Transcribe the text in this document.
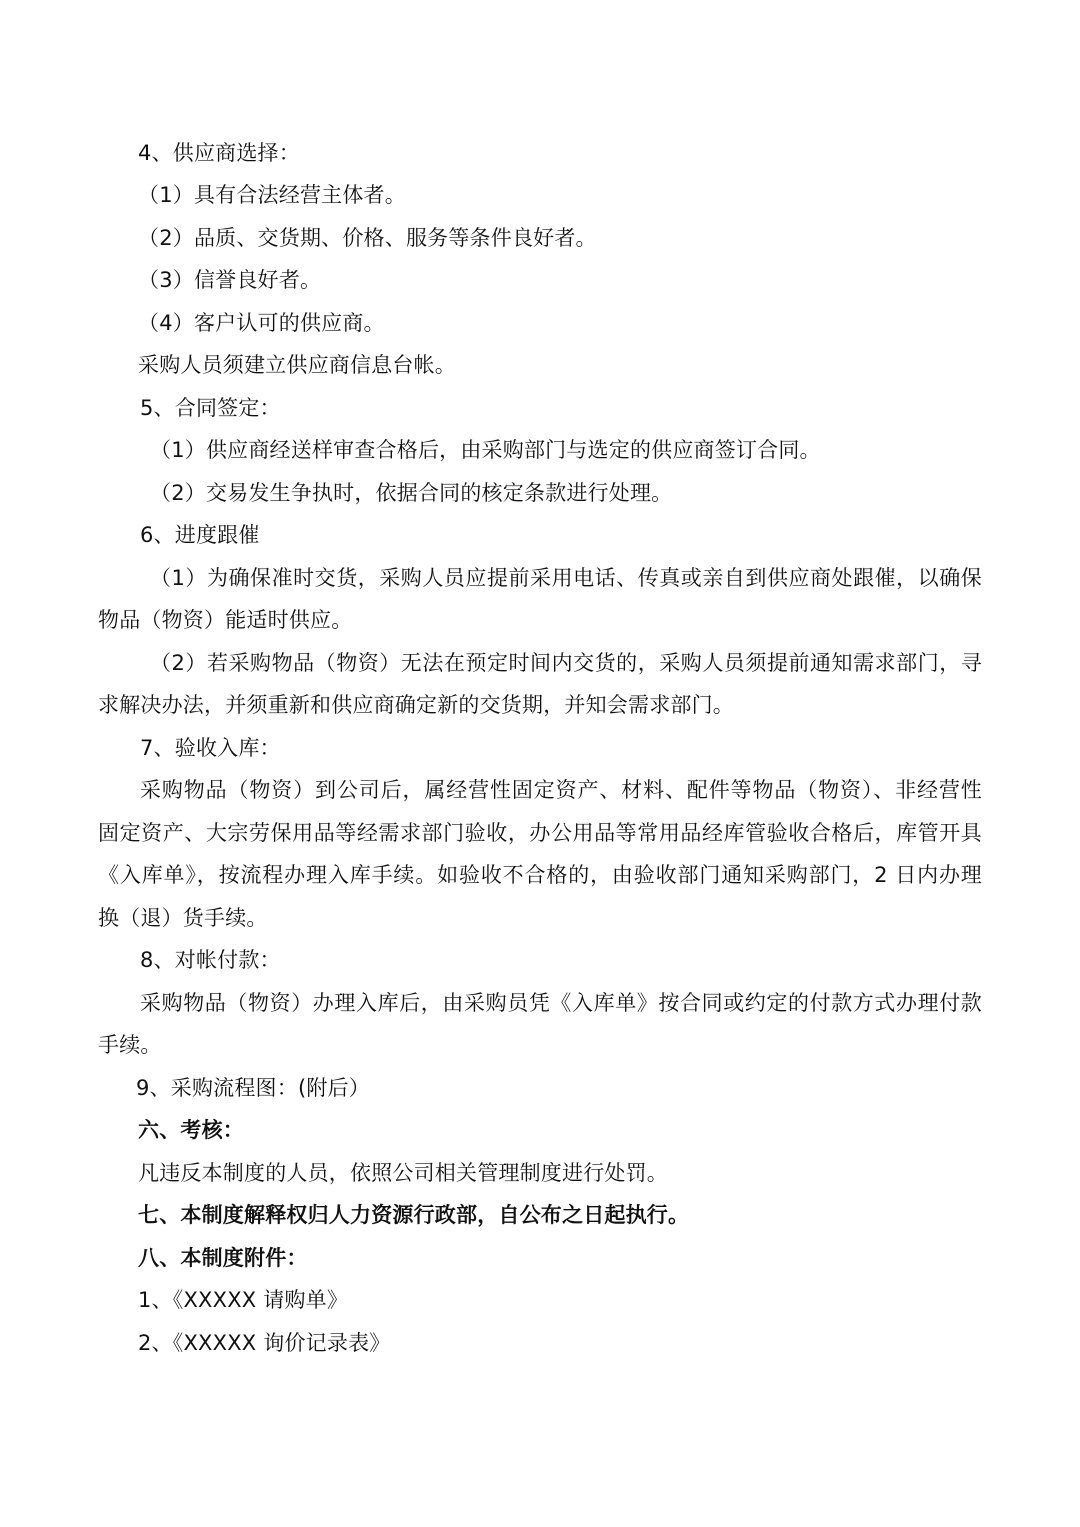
4、供应商选择：
（1）具有合法经营主体者。
（2）品质、交货期、价格、服务等条件良好者。
（3）信誉良好者。
（4）客户认可的供应商。
采购人员须建立供应商信息台帐。
5、合同签定：
（1）供应商经送样审查合格后，由采购部门与选定的供应商签订合同。
（2）交易发生争执时，依据合同的核定条款进行处理。
6、进度跟催
（1）为确保准时交货，采购人员应提前采用电话、传真或亲自到供应商处跟催，以确保
物品（物资）能适时供应。
（2）若采购物品（物资）无法在预定时间内交货的，采购人员须提前通知需求部门，寻
求解决办法，并须重新和供应商确定新的交货期，并知会需求部门。
7、验收入库：
采购物品（物资）到公司后，属经营性固定资产、材料、配件等物品（物资）、非经营性
固定资产、大宗劳保用品等经需求部门验收，办公用品等常用品经库管验收合格后，库管开具
《入库单》，按流程办理入库手续。如验收不合格的，由验收部门通知采购部门，2 日内办理
换（退）货手续。
8、对帐付款：
采购物品（物资）办理入库后，由采购员凭《入库单》按合同或约定的付款方式办理付款
手续。
9、采购流程图：(附后）
六、考核：
凡违反本制度的人员，依照公司相关管理制度进行处罚。
七、本制度解释权归人力资源行政部，自公布之日起执行。
八、本制度附件：
1、《XXXXX 请购单》
2、《XXXXX 询价记录表》
